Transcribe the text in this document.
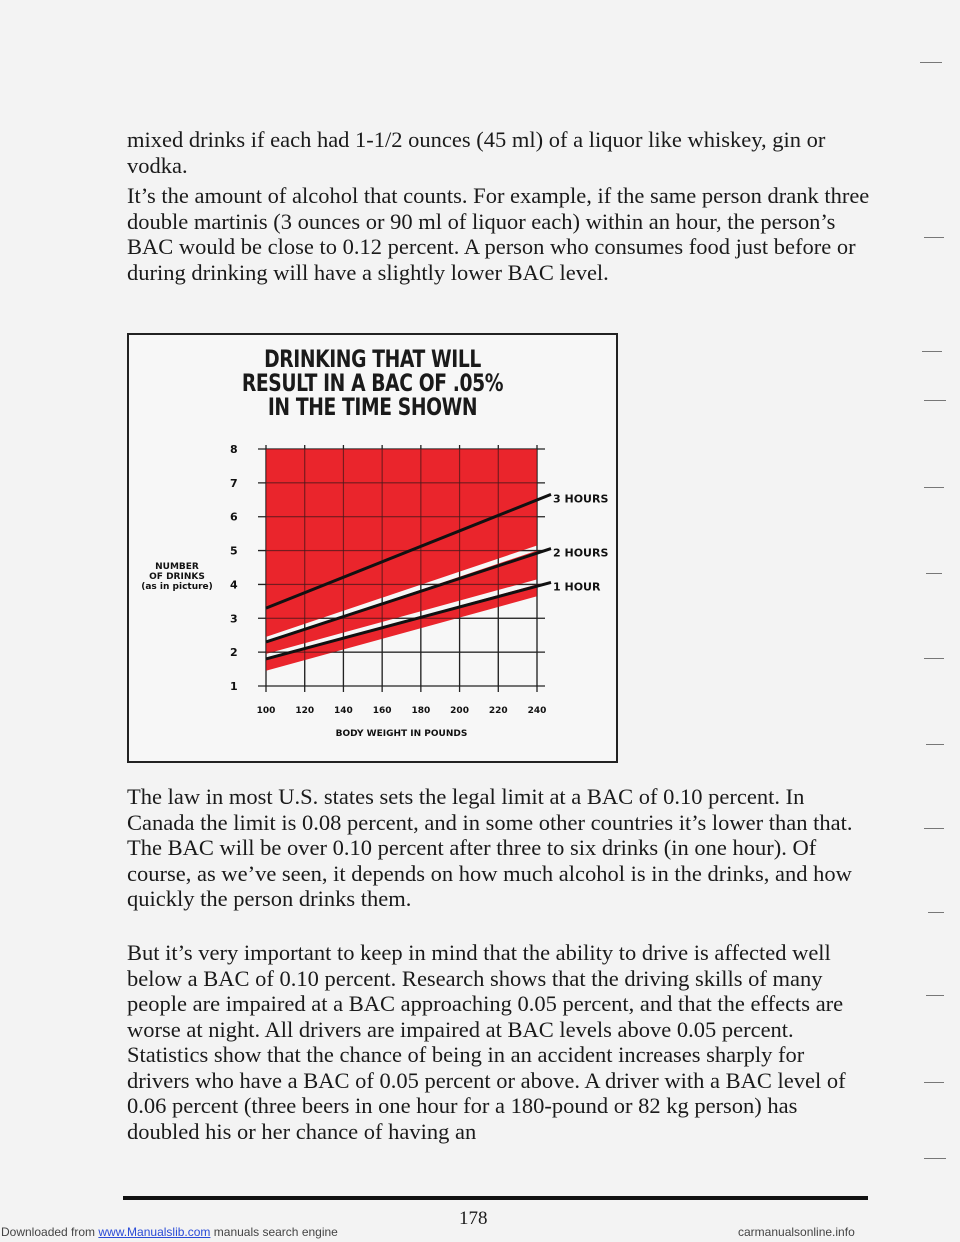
mixed drinks if each had 1-1/2 ounces (45 ml) of a liquor like whiskey, gin or vodka.
It’s the amount of alcohol that counts. For example, if the same person drank three double martinis (3 ounces or 90 ml of liquor each) within an hour, the person’s BAC would be close to 0.12 percent. A person who consumes food just before or during drinking will have a slightly lower BAC level.
DRINKING THAT WILL
RESULT IN A BAC OF .05%
IN THE TIME SHOWN
1 HOUR
2 HOURS
3 HOURS
1
2
3
4
5
6
7
8
100 120 140 160 180 200 220 240
BODY WEIGHT IN POUNDS
NUMBER
OF DRINKS
(as in picture)
The law in most U.S. states sets the legal limit at a BAC of 0.10 percent. In Canada the limit is 0.08 percent, and in some other countries it’s lower than that. The BAC will be over 0.10 percent after three to six drinks (in one hour). Of course, as we’ve seen, it depends on how much alcohol is in the drinks, and how quickly the person drinks them.
But it’s very important to keep in mind that the ability to drive is affected well below a BAC of 0.10 percent. Research shows that the driving skills of many people are impaired at a BAC approaching 0.05 percent, and that the effects are worse at night. All drivers are impaired at BAC levels above 0.05 percent. Statistics show that the chance of being in an accident increases sharply for drivers who have a BAC of 0.05 percent or above. A driver with a BAC level of 0.06 percent (three beers in one hour for a 180-pound or 82 kg person) has doubled his or her chance of having an
178
Downloaded from www.Manualslib.com manuals search engine	carmanualsonline.info
